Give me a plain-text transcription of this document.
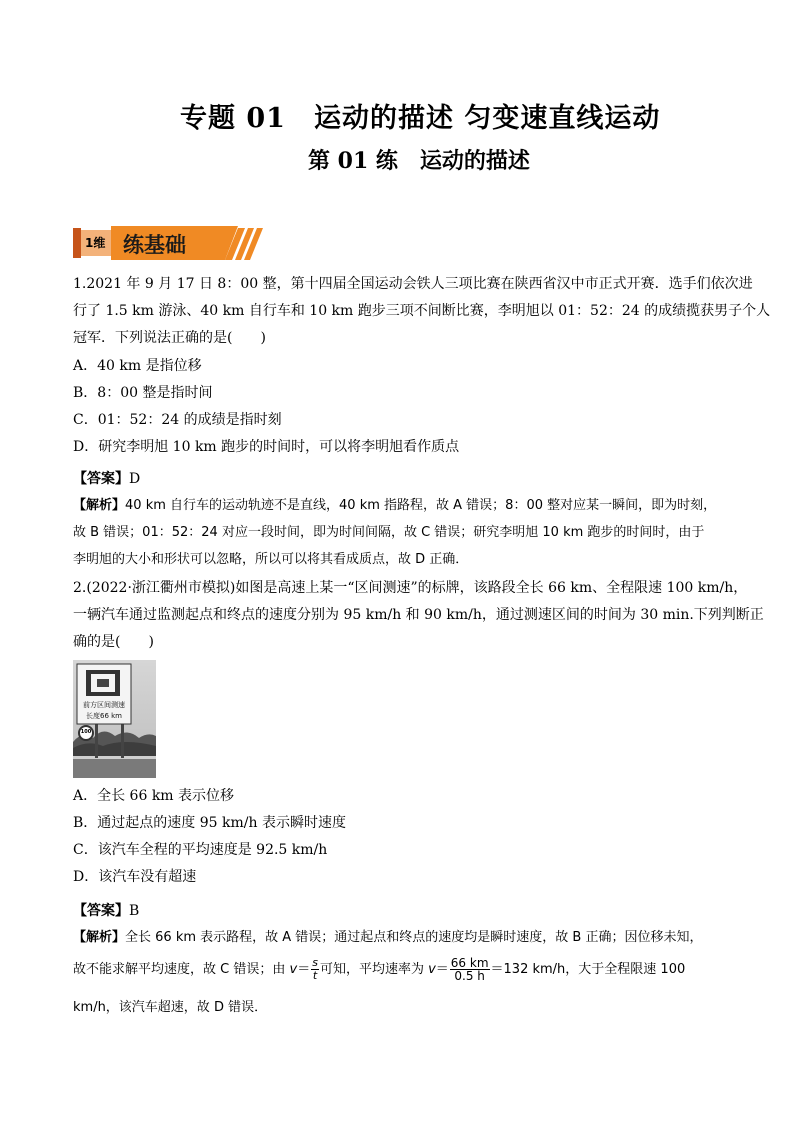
专题 01　运动的描述 匀变速直线运动
第 01 练　运动的描述
1维 练基础
1.2021 年 9 月 17 日 8：00 整，第十四届全国运动会铁人三项比赛在陕西省汉中市正式开赛．选手们依次进
行了 1.5 km 游泳、40 km 自行车和 10 km 跑步三项不间断比赛，李明旭以 01：52：24 的成绩揽获男子个人
冠军．下列说法正确的是(　　)
A．40 km 是指位移
B．8：00 整是指时间
C．01：52：24 的成绩是指时刻
D．研究李明旭 10 km 跑步的时间时，可以将李明旭看作质点
【答案】D
【解析】40 km 自行车的运动轨迹不是直线，40 km 指路程，故 A 错误；8：00 整对应某一瞬间，即为时刻，
故 B 错误；01：52：24 对应一段时间，即为时间间隔，故 C 错误；研究李明旭 10 km 跑步的时间时，由于
李明旭的大小和形状可以忽略，所以可以将其看成质点，故 D 正确．
2.(2022·浙江衢州市模拟)如图是高速上某一“区间测速”的标牌，该路段全长 66 km、全程限速 100 km/h，
一辆汽车通过监测起点和终点的速度分别为 95 km/h 和 90 km/h，通过测速区间的时间为 30 min.下列判断正
确的是(　　)
前方区间测速
长度66 km
100
A．全长 66 km 表示位移
B．通过起点的速度 95 km/h 表示瞬时速度
C．该汽车全程的平均速度是 92.5 km/h
D．该汽车没有超速
【答案】B
【解析】全长 66 km 表示路程，故 A 错误；通过起点和终点的速度均是瞬时速度，故 B 正确；因位移未知，
故不能求解平均速度，故 C 错误；由 $v= \frac{s}{t}$ 可知，平均速率为 $v= \frac{66 km}{0.5 h} =132$ km/h，大于全程限速 100
km/h，该汽车超速，故 D 错误．
